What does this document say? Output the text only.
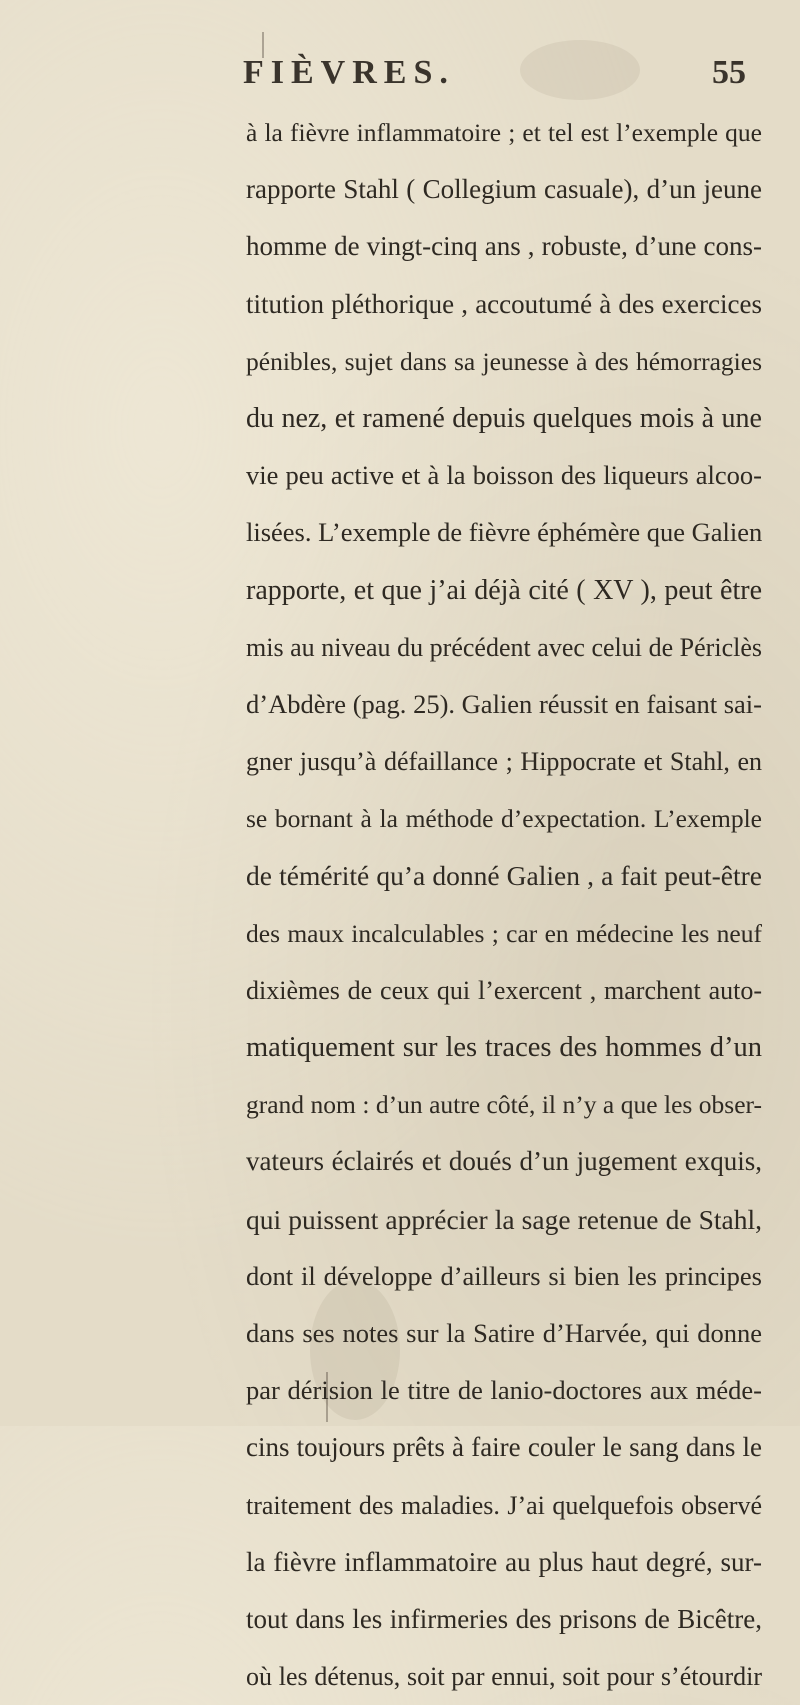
FIÈVRES.	55
à la fièvre inflammatoire ; et tel est l’exemple que
rapporte Stahl ( Collegium casuale), d’un jeune
homme de vingt-cinq ans , robuste, d’une cons-
titution pléthorique , accoutumé à des exercices
pénibles, sujet dans sa jeunesse à des hémorragies
du nez, et ramené depuis quelques mois à une
vie peu active et à la boisson des liqueurs alcoo-
lisées. L’exemple de fièvre éphémère que Galien
rapporte, et que j’ai déjà cité ( XV ), peut être
mis au niveau du précédent avec celui de Périclès
d’Abdère (pag. 25). Galien réussit en faisant sai-
gner jusqu’à défaillance ; Hippocrate et Stahl, en
se bornant à la méthode d’expectation. L’exemple
de témérité qu’a donné Galien , a fait peut-être
des maux incalculables ; car en médecine les neuf
dixièmes de ceux qui l’exercent , marchent auto-
matiquement sur les traces des hommes d’un
grand nom : d’un autre côté, il n’y a que les obser-
vateurs éclairés et doués d’un jugement exquis,
qui puissent apprécier la sage retenue de Stahl,
dont il développe d’ailleurs si bien les principes
dans ses notes sur la Satire d’Harvée, qui donne
par dérision le titre de lanio-doctores aux méde-
cins toujours prêts à faire couler le sang dans le
traitement des maladies. J’ai quelquefois observé
la fièvre inflammatoire au plus haut degré, sur-
tout dans les infirmeries des prisons de Bicêtre,
où les détenus, soit par ennui, soit pour s’étourdir
